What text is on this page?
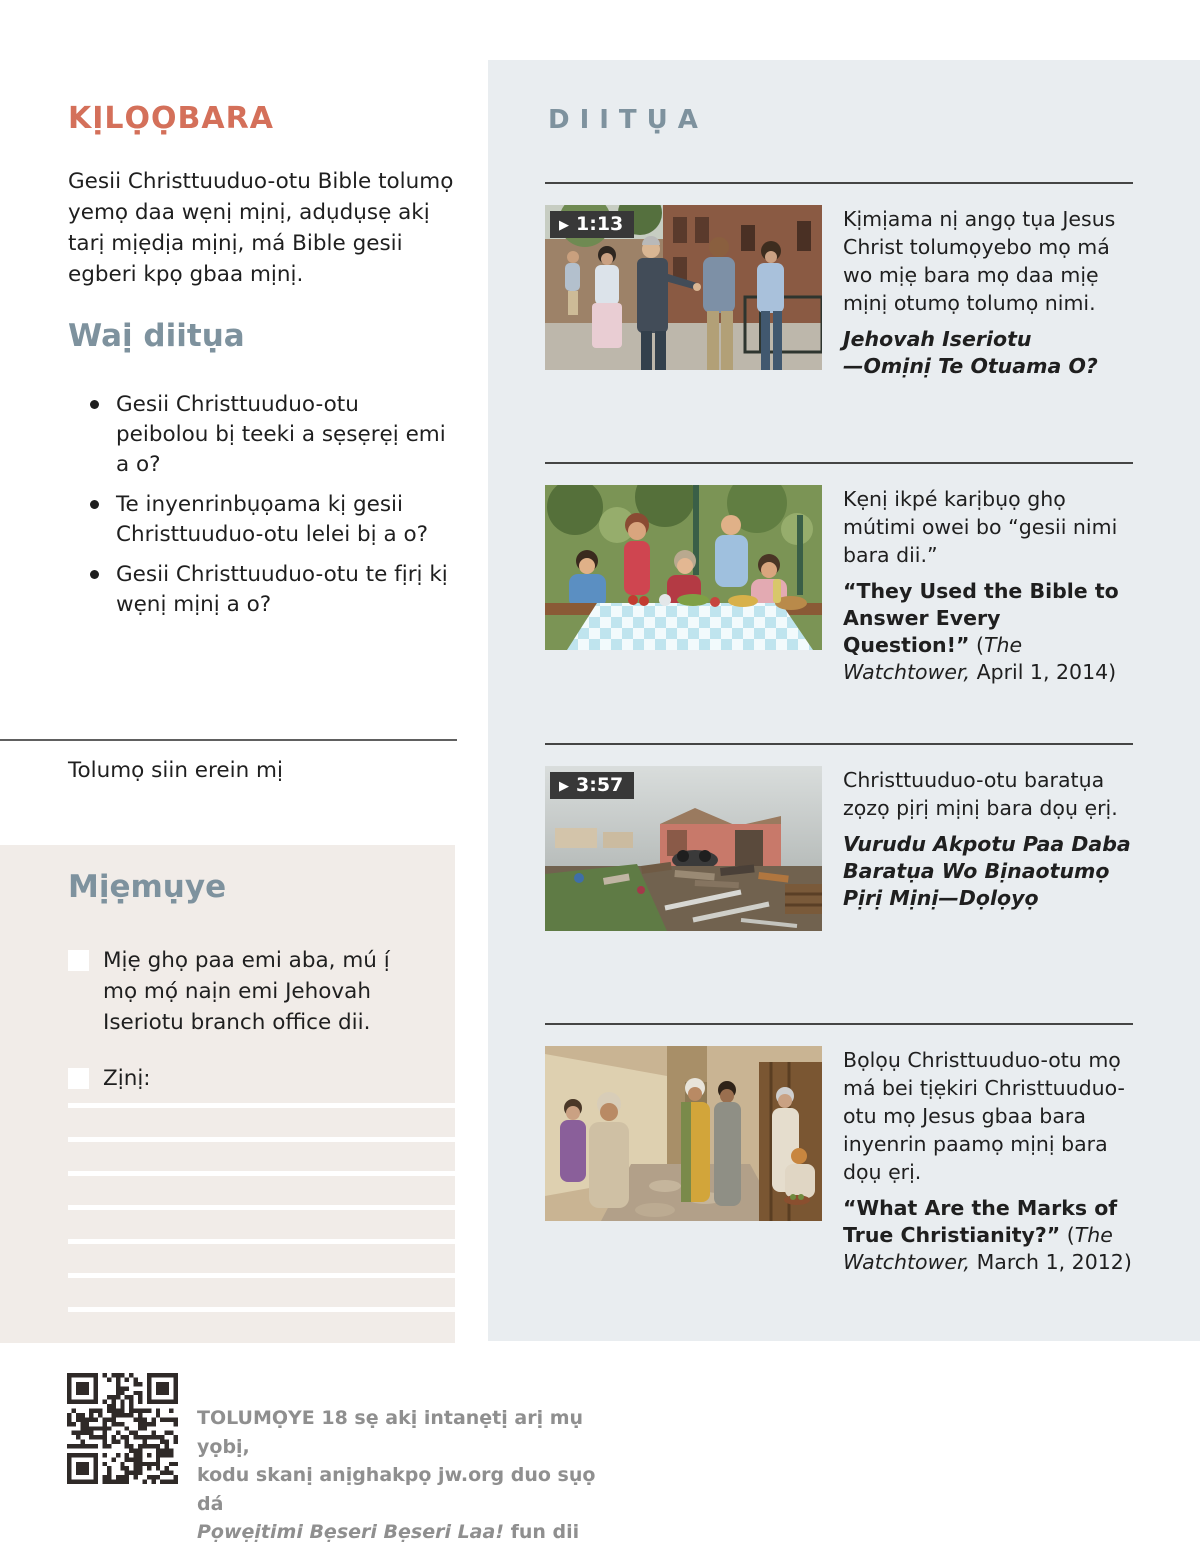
KỊLỌỌBARA

Gesii Christtuuduo-otu Bible tolumọ yemọ daa wẹnị mịnị, adụdụsẹ akị tarị mịẹdịa mịnị, má Bible gesii egberi kpọ gbaa mịnị.

Waị diitụa
Gesii Christtuuduo-otu peibolou bị teeki a sẹsẹrẹị emi a o?
Te inyenrinbụọama kị gesii Christtuuduo-otu lelei bị a o?
Gesii Christtuuduo-otu te fịrị kị wẹnị mịnị a o?

Tolumọ siin erein mị

Mịẹmụye

Mịẹ ghọ paa emi aba, mú ị́ mọ mọ́ naịn emi Jehovah Iseriotu branch office dii.

Zịnị:

TOLUMỌYE 18 sẹ akị intanẹtị arị mụ yọbị,
kodu skanị anịghakpọ jw.org duo sụọ dá
Pọwẹịtimi Bẹseri Bẹseri Laa! fun dii

DIITỤA
▶ 1:13	Kịmịama nị angọ tụa Jesus Christ tolumọyebo mọ má wo mịẹ bara mọ daa mịẹ mịnị otumọ tolumọ nimi.

Jehovah Iseriotu
—Omịnị Te Otuama O?

Kẹnị ikpé karịbụọ ghọ mútimi owei bo “gesii nimi bara dii.”

“They Used the Bible to Answer Every Question!” (The Watchtower, April 1, 2014)

▶ 3:57	Christtuuduo-otu baratụa zọzọ pịrị mịnị bara dọụ ẹrị.

Vurudu Akpotu Paa Daba Baratụa Wo Bịnaotumọ Pịrị Mịnị—Dọlọyọ

Bọlọụ Christtuuduo-otu mọ má bei tịẹkiri Christtuuduo-otu mọ Jesus gbaa bara inyenrin paamọ mịnị bara dọụ ẹrị.

“What Are the Marks of True Christianity?” (The Watchtower, March 1, 2012)
